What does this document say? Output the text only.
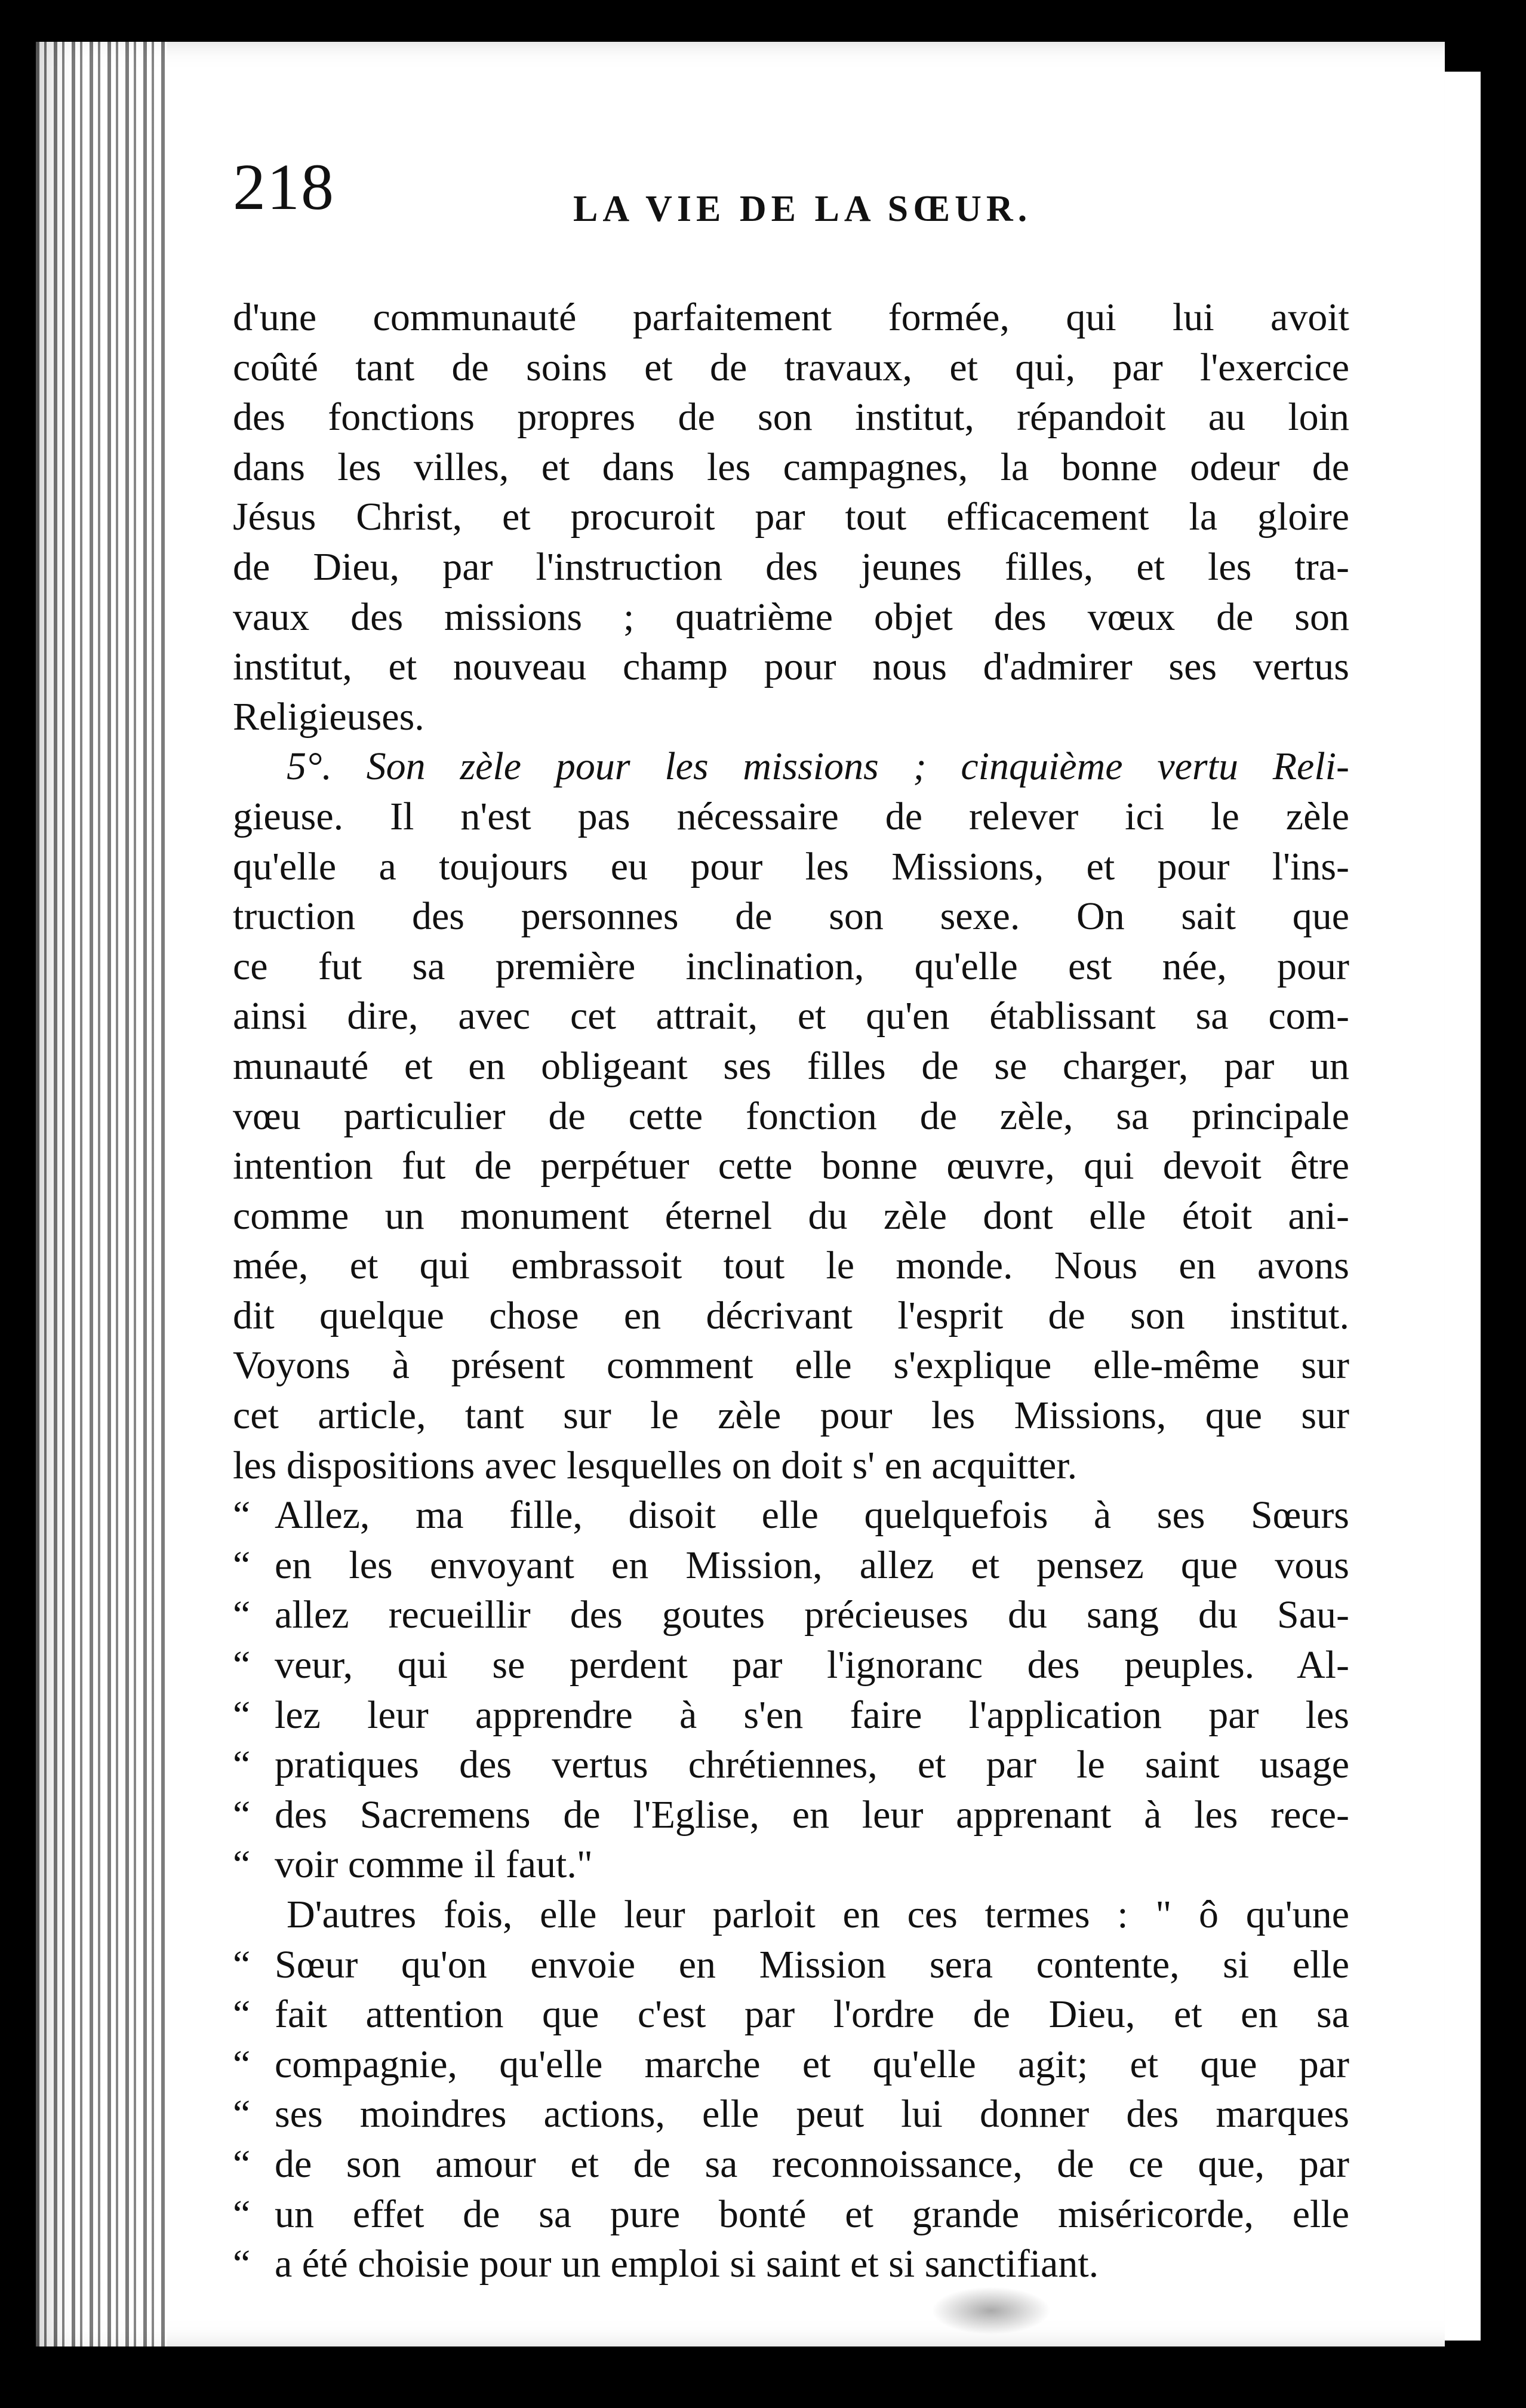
218	LA VIE DE LA SŒUR.
d'une communauté parfaitement formée, qui lui avoit
coûté tant de soins et de travaux, et qui, par l'exercice
des fonctions propres de son institut, répandoit au loin
dans les villes, et dans les campagnes, la bonne odeur de
Jésus Christ, et procuroit par tout efficacement la gloire
de Dieu, par l'instruction des jeunes filles, et les tra-
vaux des missions ; quatrième objet des vœux de son
institut, et nouveau champ pour nous d'admirer ses vertus
Religieuses.
5°. Son zèle pour les missions ; cinquième vertu Reli-
gieuse. Il n'est pas nécessaire de relever ici le zèle
qu'elle a toujours eu pour les Missions, et pour l'ins-
truction des personnes de son sexe. On sait que
ce fut sa première inclination, qu'elle est née, pour
ainsi dire, avec cet attrait, et qu'en établissant sa com-
munauté et en obligeant ses filles de se charger, par un
vœu particulier de cette fonction de zèle, sa principale
intention fut de perpétuer cette bonne œuvre, qui devoit être
comme un monument éternel du zèle dont elle étoit ani-
mée, et qui embrassoit tout le monde. Nous en avons
dit quelque chose en décrivant l'esprit de son institut.
Voyons à présent comment elle s'explique elle-même sur
cet article, tant sur le zèle pour les Missions, que sur
les dispositions avec lesquelles on doit s' en acquitter.
“ Allez, ma fille, disoit elle quelquefois à ses Sœurs
“ en les envoyant en Mission, allez et pensez que vous
“ allez recueillir des goutes précieuses du sang du Sau-
“ veur, qui se perdent par l'ignoranc des peuples. Al-
“ lez leur apprendre à s'en faire l'application par les
“ pratiques des vertus chrétiennes, et par le saint usage
“ des Sacremens de l'Eglise, en leur apprenant à les rece-
“ voir comme il faut."
D'autres fois, elle leur parloit en ces termes : " ô qu'une
“ Sœur qu'on envoie en Mission sera contente, si elle
“ fait attention que c'est par l'ordre de Dieu, et en sa
“ compagnie, qu'elle marche et qu'elle agit; et que par
“ ses moindres actions, elle peut lui donner des marques
“ de son amour et de sa reconnoissance, de ce que, par
“ un effet de sa pure bonté et grande miséricorde, elle
“ a été choisie pour un emploi si saint et si sanctifiant.
